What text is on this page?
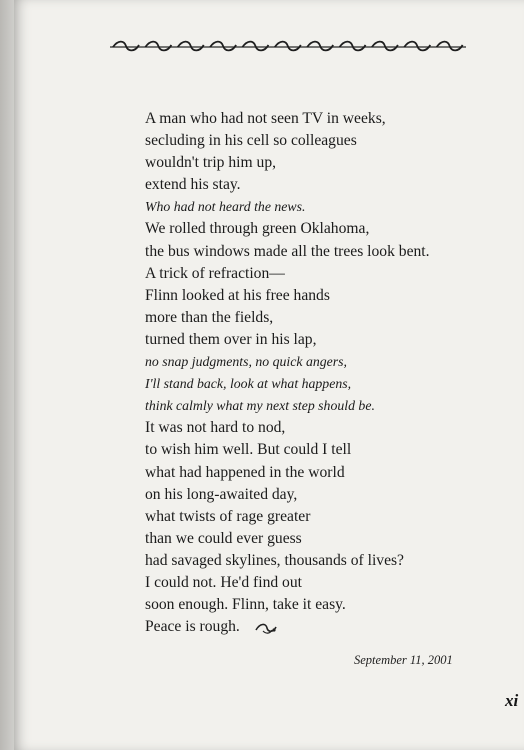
A man who had not seen TV in weeks,
secluding in his cell so colleagues
wouldn't trip him up,
extend his stay.
Who had not heard the news.
We rolled through green Oklahoma,
the bus windows made all the trees look bent.
A trick of refraction—
Flinn looked at his free hands
more than the fields,
turned them over in his lap,
no snap judgments, no quick angers,
I'll stand back, look at what happens,
think calmly what my next step should be.
It was not hard to nod,
to wish him well. But could I tell
what had happened in the world
on his long-awaited day,
what twists of rage greater
than we could ever guess
had savaged skylines, thousands of lives?
I could not. He'd find out
soon enough. Flinn, take it easy.
Peace is rough.
September 11, 2001
xi
